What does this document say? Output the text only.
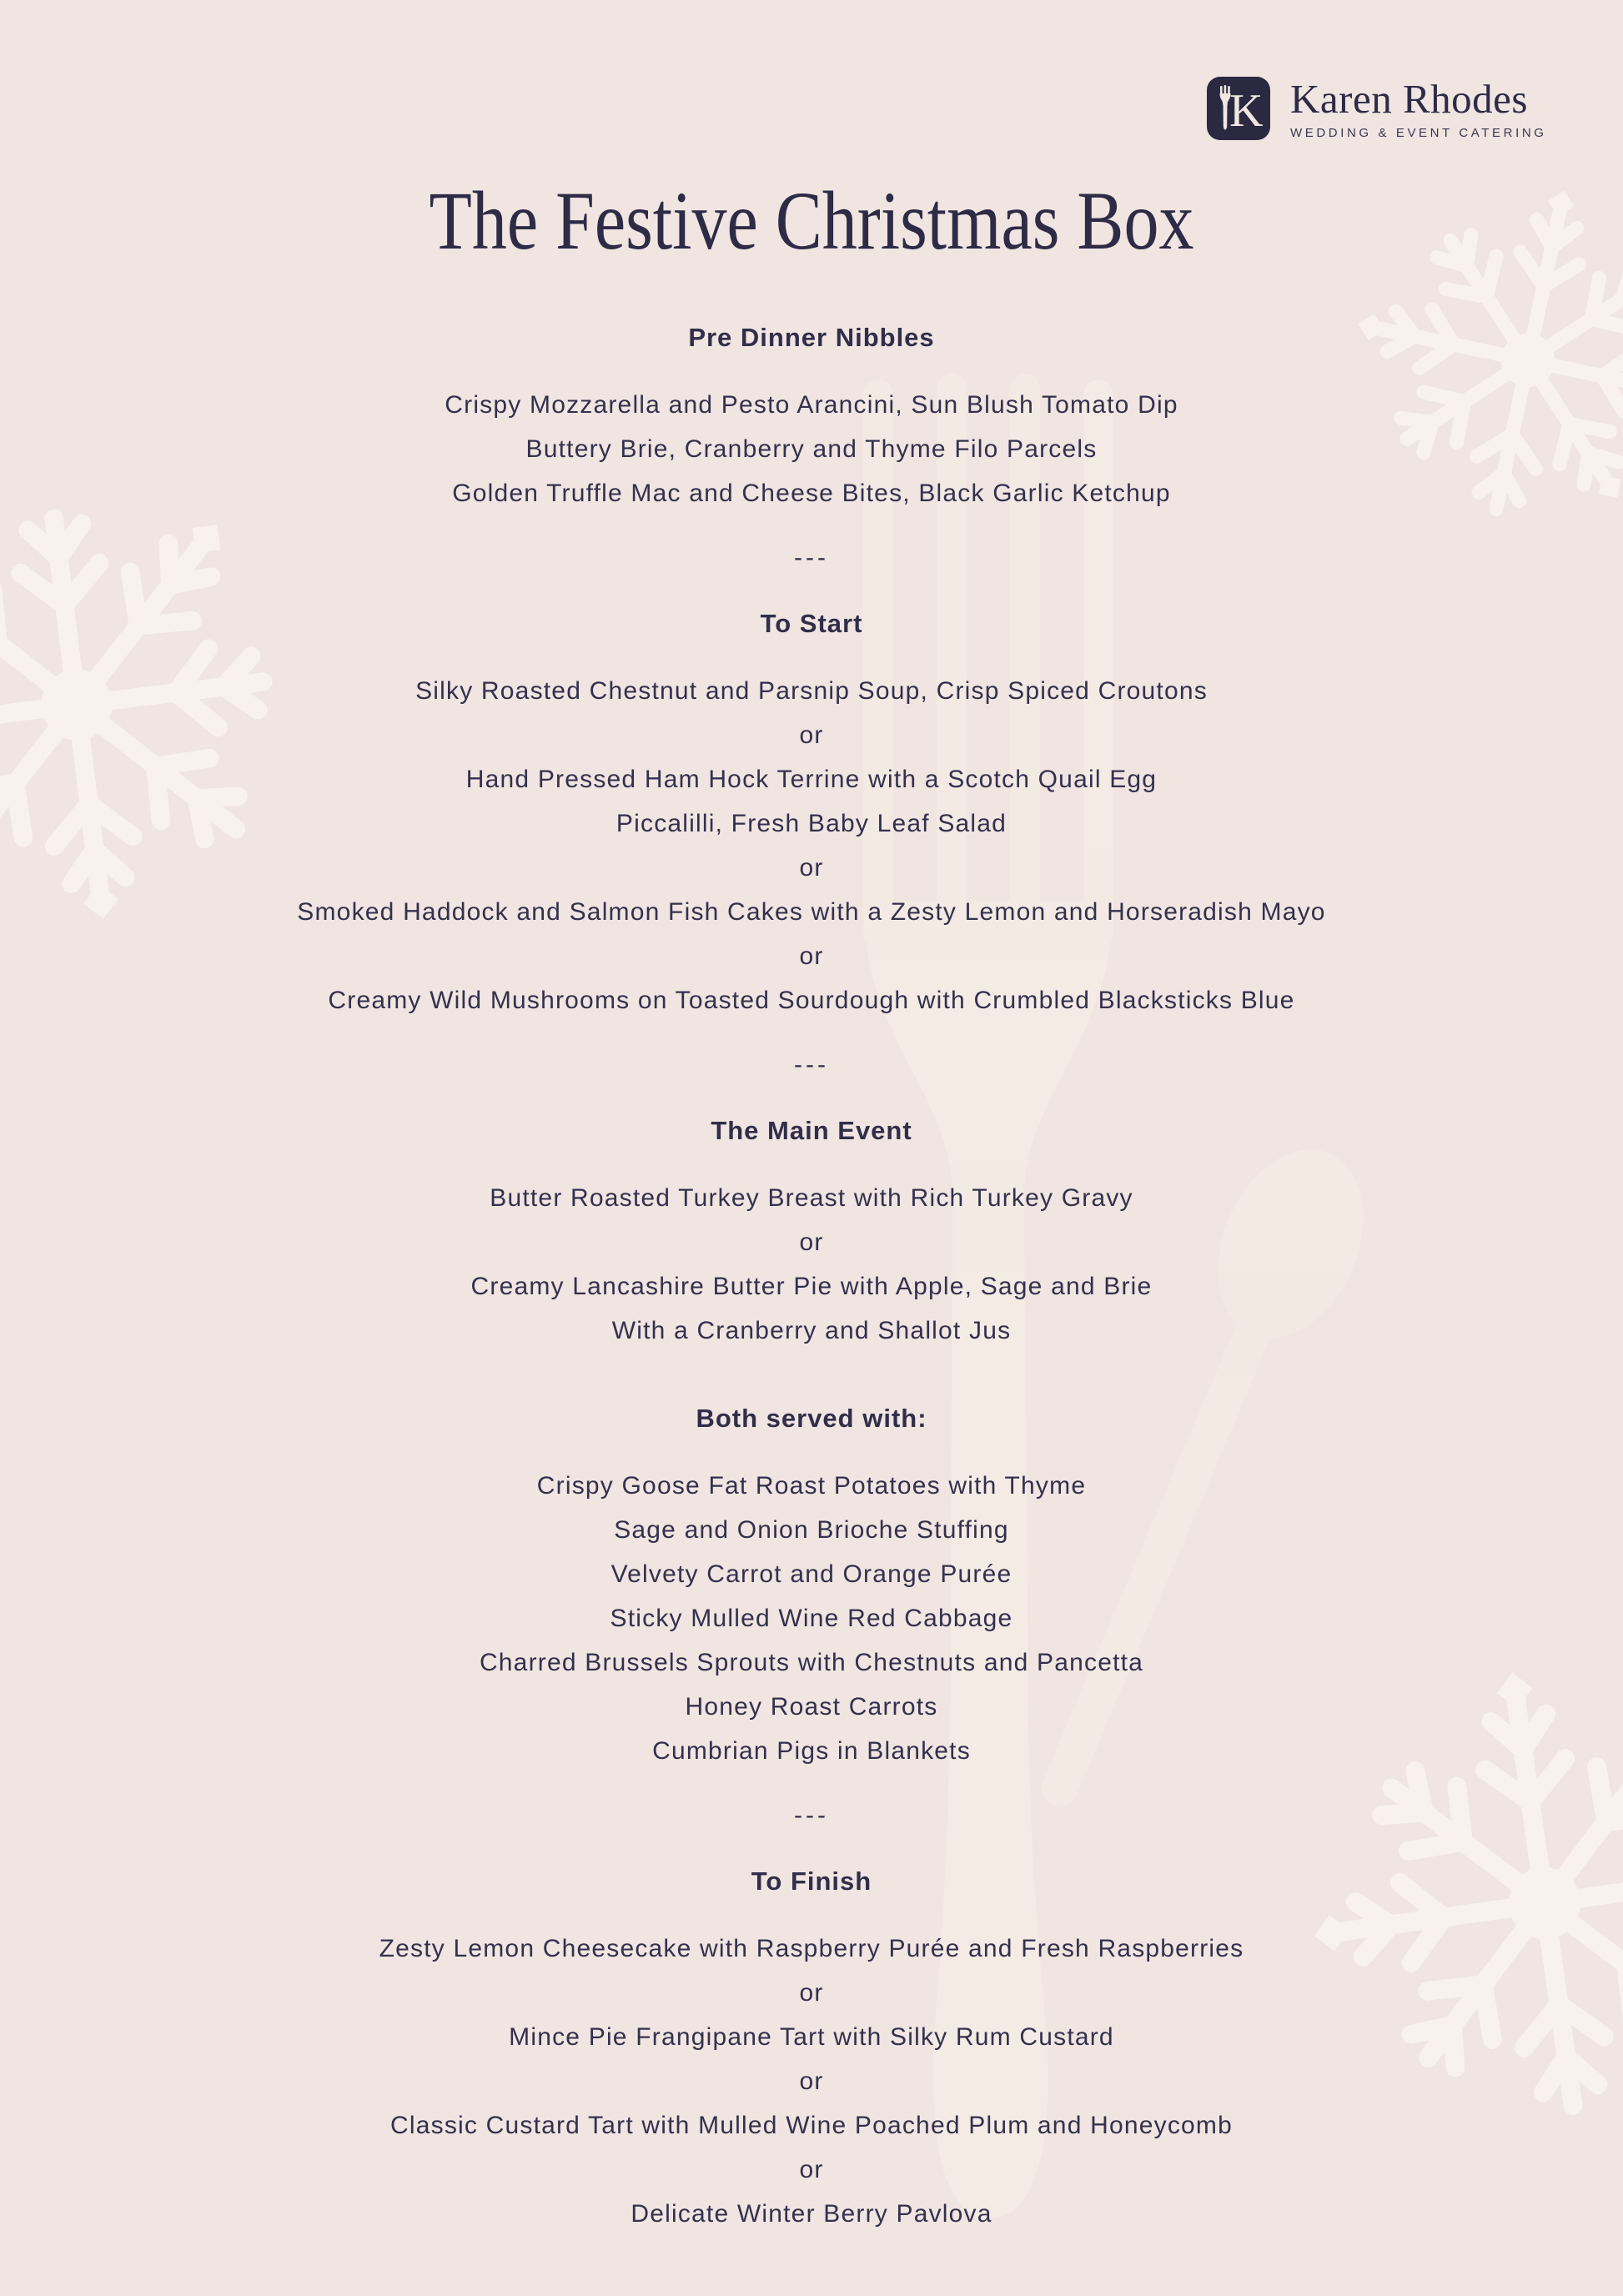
K Karen Rhodes
WEDDING & EVENT CATERING
The Festive Christmas Box
Pre Dinner Nibbles
Crispy Mozzarella and Pesto Arancini, Sun Blush Tomato Dip
Buttery Brie, Cranberry and Thyme Filo Parcels
Golden Truffle Mac and Cheese Bites, Black Garlic Ketchup
---
To Start
Silky Roasted Chestnut and Parsnip Soup, Crisp Spiced Croutons
or
Hand Pressed Ham Hock Terrine with a Scotch Quail Egg
Piccalilli, Fresh Baby Leaf Salad
or
Smoked Haddock and Salmon Fish Cakes with a Zesty Lemon and Horseradish Mayo
or
Creamy Wild Mushrooms on Toasted Sourdough with Crumbled Blacksticks Blue
---
The Main Event
Butter Roasted Turkey Breast with Rich Turkey Gravy
or
Creamy Lancashire Butter Pie with Apple, Sage and Brie
With a Cranberry and Shallot Jus
Both served with:
Crispy Goose Fat Roast Potatoes with Thyme
Sage and Onion Brioche Stuffing
Velvety Carrot and Orange Purée
Sticky Mulled Wine Red Cabbage
Charred Brussels Sprouts with Chestnuts and Pancetta
Honey Roast Carrots
Cumbrian Pigs in Blankets
---
To Finish
Zesty Lemon Cheesecake with Raspberry Purée and Fresh Raspberries
or
Mince Pie Frangipane Tart with Silky Rum Custard
or
Classic Custard Tart with Mulled Wine Poached Plum and Honeycomb
or
Delicate Winter Berry Pavlova
